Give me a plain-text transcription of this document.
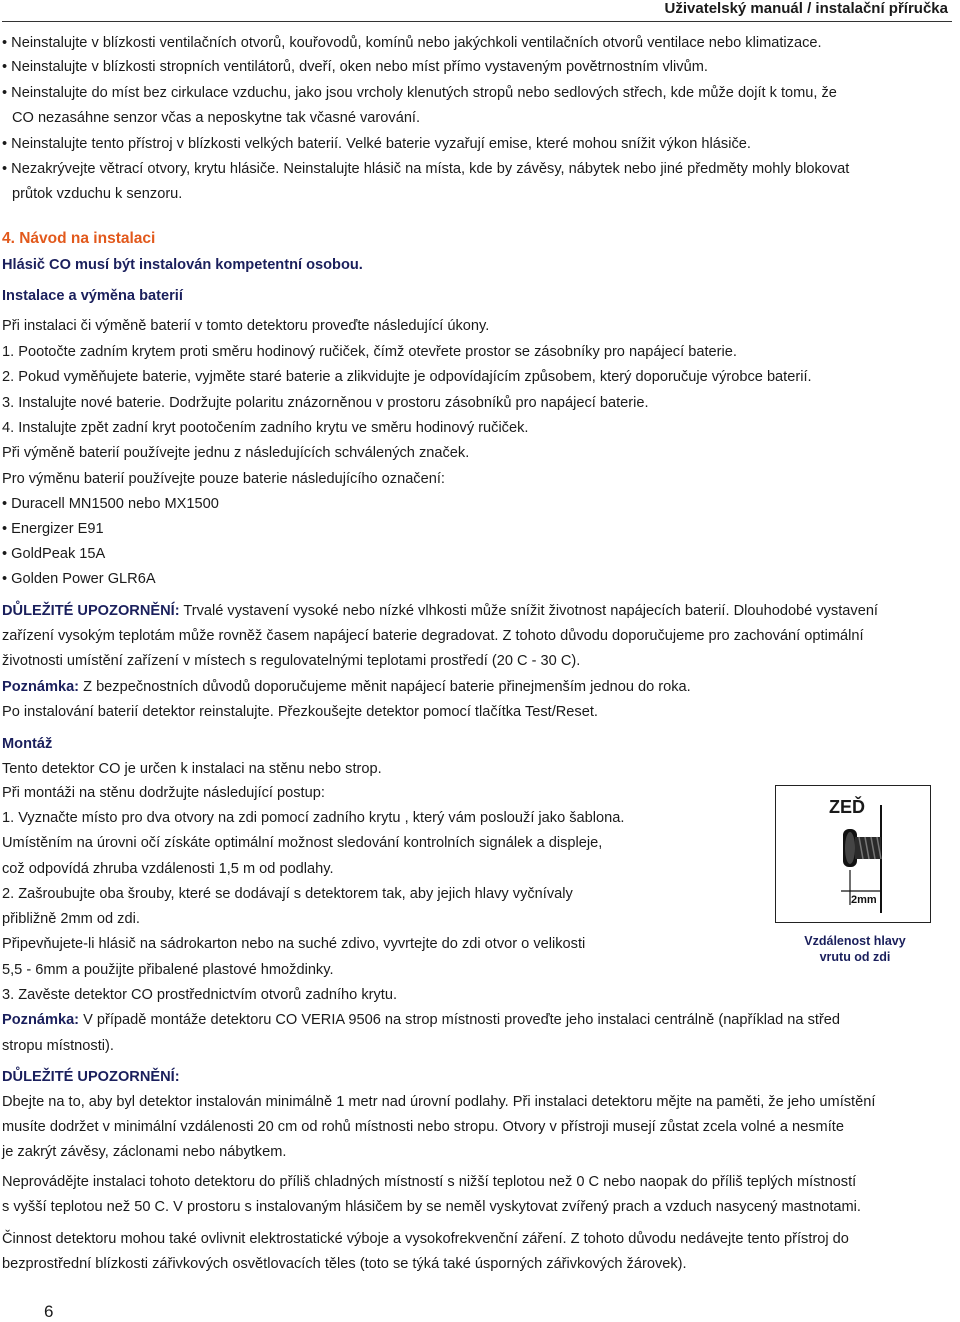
Uživatelský manuál / instalační příručka
• Neinstalujte v blízkosti ventilačních otvorů, kouřovodů, komínů nebo jakýchkoli ventilačních otvorů ventilace nebo klimatizace.
• Neinstalujte v blízkosti stropních ventilátorů, dveří, oken nebo míst přímo vystaveným povětrnostním vlivům.
• Neinstalujte do míst bez cirkulace vzduchu, jako jsou vrcholy klenutých stropů nebo sedlových střech, kde může dojít k tomu, že
CO nezasáhne senzor včas a neposkytne tak včasné varování.
• Neinstalujte tento přístroj v blízkosti velkých baterií. Velké baterie vyzařují emise, které mohou snížit výkon hlásiče.
• Nezakrývejte větrací otvory, krytu hlásiče. Neinstalujte hlásič na místa, kde by závěsy, nábytek nebo jiné předměty mohly blokovat
průtok vzduchu k senzoru.
4. Návod na instalaci
Hlásič CO musí být instalován kompetentní osobou.
Instalace a výměna baterií
Při instalaci či výměně baterií v tomto detektoru proveďte následující úkony.
1. Pootočte zadním krytem proti směru hodinový ručiček, čímž otevřete prostor se zásobníky pro napájecí baterie.
2. Pokud vyměňujete baterie, vyjměte staré baterie a zlikvidujte je odpovídajícím způsobem, který doporučuje výrobce baterií.
3. Instalujte nové baterie. Dodržujte polaritu znázorněnou v prostoru zásobníků pro napájecí baterie.
4. Instalujte zpět zadní kryt pootočením zadního krytu ve směru hodinový ručiček.
Při výměně baterií používejte jednu z následujících schválených značek.
Pro výměnu baterií používejte pouze baterie následujícího označení:
• Duracell MN1500 nebo MX1500
• Energizer E91
• GoldPeak 15A
• Golden Power GLR6A
DŮLEŽITÉ UPOZORNĚNÍ: Trvalé vystavení vysoké nebo nízké vlhkosti může snížit životnost napájecích baterií. Dlouhodobé vystavení
zařízení vysokým teplotám může rovněž časem napájecí baterie degradovat. Z tohoto důvodu doporučujeme pro zachování optimální
životnosti umístění zařízení v místech s regulovatelnými teplotami prostředí (20 C - 30 C).
Poznámka: Z bezpečnostních důvodů doporučujeme měnit napájecí baterie přinejmenším jednou do roka.
Po instalování baterií detektor reinstalujte. Přezkoušejte detektor pomocí tlačítka Test/Reset.
Montáž
Tento detektor CO je určen k instalaci na stěnu nebo strop.
Při montáži na stěnu dodržujte následující postup:
1. Vyznačte místo pro dva otvory na zdi pomocí zadního krytu , který vám poslouží jako šablona.
Umístěním na úrovni očí získáte optimální možnost sledování kontrolních signálek a displeje,
což odpovídá zhruba vzdálenosti 1,5 m od podlahy.
2. Zašroubujte oba šrouby, které se dodávají s detektorem tak, aby jejich hlavy vyčnívaly
přibližně 2mm od zdi.
Připevňujete-li hlásič na sádrokarton nebo na suché zdivo, vyvrtejte do zdi otvor o velikosti
5,5 - 6mm a použijte přibalené plastové hmoždinky.
3. Zavěste detektor CO prostřednictvím otvorů zadního krytu.
Poznámka: V případě montáže detektoru CO VERIA 9506 na strop místnosti proveďte jeho instalaci centrálně (například na střed
stropu místnosti).
DŮLEŽITÉ UPOZORNĚNÍ:
Dbejte na to, aby byl detektor instalován minimálně 1 metr nad úrovní podlahy. Při instalaci detektoru mějte na paměti, že jeho umístění
musíte dodržet v minimální vzdálenosti 20 cm od rohů místnosti nebo stropu. Otvory v přístroji musejí zůstat zcela volné a nesmíte
je zakrýt závěsy, záclonami nebo nábytkem.
Neprovádějte instalaci tohoto detektoru do příliš chladných místností s nižší teplotou než 0 C nebo naopak do příliš teplých místností
s vyšší teplotou než 50 C. V prostoru s instalovaným hlásičem by se neměl vyskytovat zvířený prach a vzduch nasycený mastnotami.
Činnost detektoru mohou také ovlivnit elektrostatické výboje a vysokofrekvenční záření. Z tohoto důvodu nedávejte tento přístroj do
bezprostřední blízkosti zářivkových osvětlovacích těles (toto se týká také úsporných zářivkových žárovek).
ZEĎ
2mm
Vzdálenost hlavy
vrutu od zdi
6
